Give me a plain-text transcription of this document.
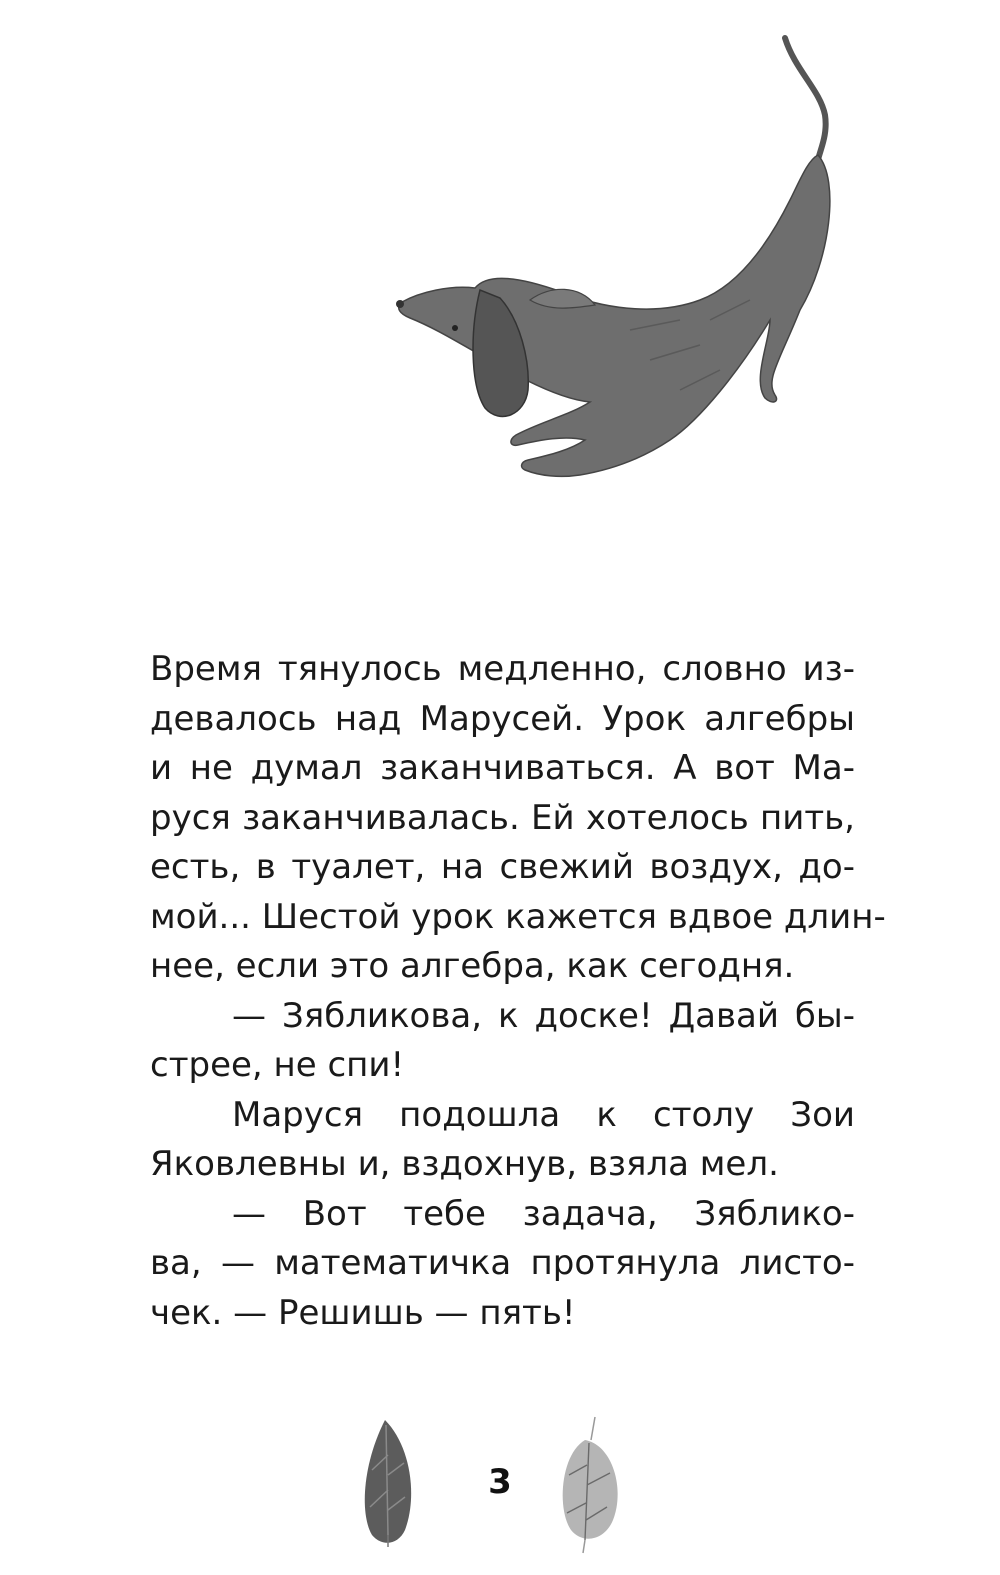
Время тянулось медленно, словно из-
девалось над Марусей. Урок алгебры
и не думал заканчиваться. А вот Ма-
руся заканчивалась. Ей хотелось пить,
есть, в туалет, на свежий воздух, до-
мой... Шестой урок кажется вдвое длин-
нее, если это алгебра, как сегодня.
— Зябликова, к доске! Давай бы-
стрее, не спи!
Маруся подошла к столу Зои
Яковлевны и, вздохнув, взяла мел.
— Вот тебе задача, Зяблико-
ва, — математичка протянула листо-
чек. — Решишь — пять!
3
